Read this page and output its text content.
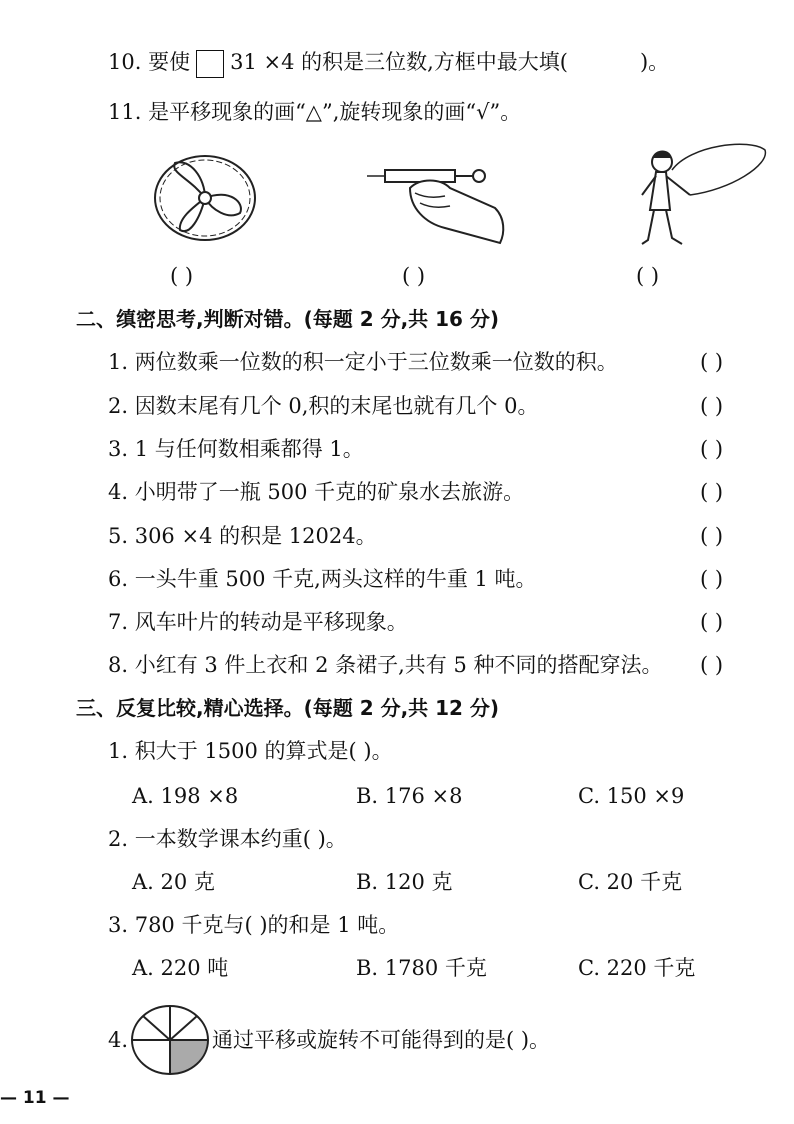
10. 要使 31 ×4 的积是三位数,方框中最大填(	)。
11. 是平移现象的画“△”,旋转现象的画“√”。
( )	( )	( )
二、缜密思考,判断对错。(每题 2 分,共 16 分)
1. 两位数乘一位数的积一定小于三位数乘一位数的积。	( )
2. 因数末尾有几个 0,积的末尾也就有几个 0。	( )
3. 1 与任何数相乘都得 1。	( )
4. 小明带了一瓶 500 千克的矿泉水去旅游。	( )
5. 306 ×4 的积是 12024。	( )
6. 一头牛重 500 千克,两头这样的牛重 1 吨。	( )
7. 风车叶片的转动是平移现象。	( )
8. 小红有 3 件上衣和 2 条裙子,共有 5 种不同的搭配穿法。 ( )
三、反复比较,精心选择。(每题 2 分,共 12 分)
1. 积大于 1500 的算式是( )。
A. 198 ×8	B. 176 ×8	C. 150 ×9
2. 一本数学课本约重( )。
A. 20 克	B. 120 克	C. 20 千克
3. 780 千克与( )的和是 1 吨。
A. 220 吨	B. 1780 千克	C. 220 千克
4.	通过平移或旋转不可能得到的是( )。
— 11 —
